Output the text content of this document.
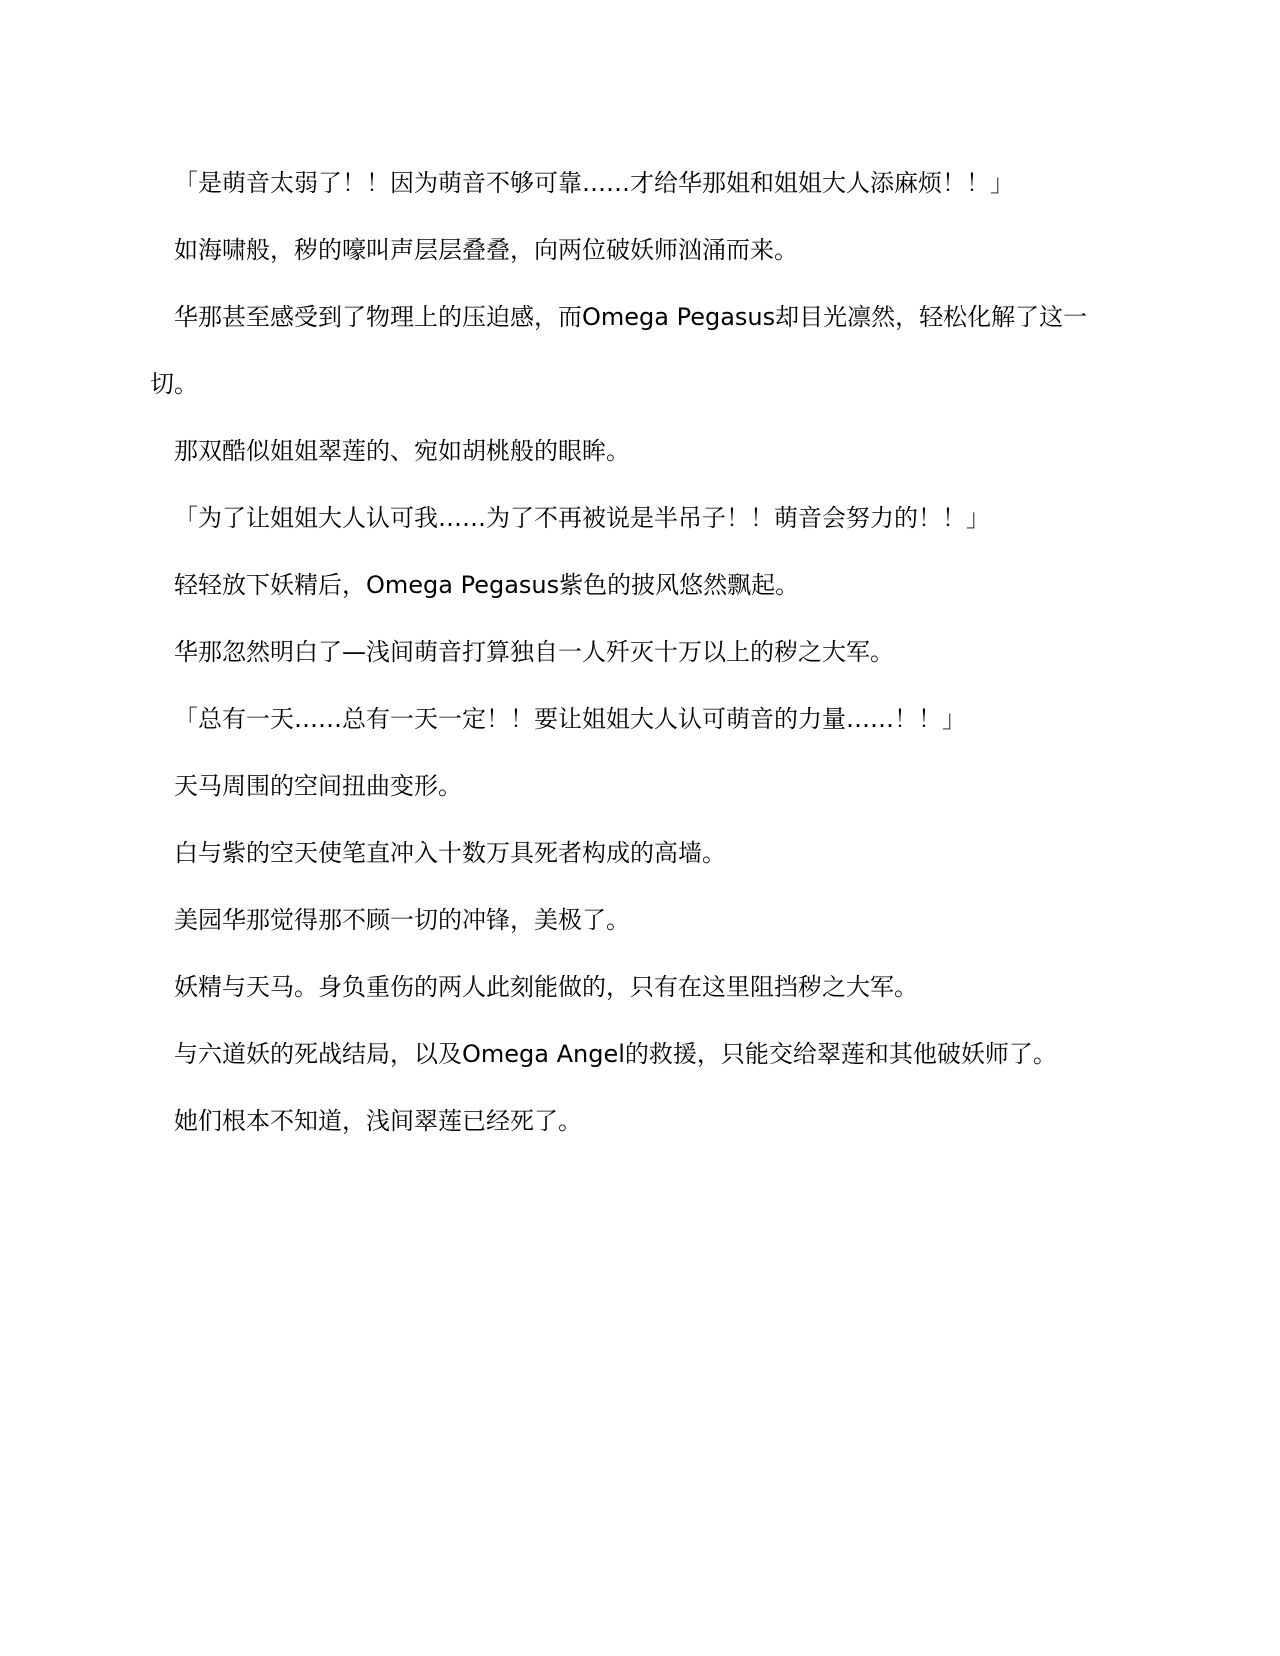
「是萌音太弱了！！因为萌音不够可靠……才给华那姐和姐姐大人添麻烦！！」

如海啸般，秽的嚎叫声层层叠叠，向两位破妖师汹涌而来。

华那甚至感受到了物理上的压迫感，而Omega Pegasus却目光凛然，轻松化解了这一切。

那双酷似姐姐翠莲的、宛如胡桃般的眼眸。

「为了让姐姐大人认可我……为了不再被说是半吊子！！萌音会努力的！！」

轻轻放下妖精后，Omega Pegasus紫色的披风悠然飘起。

华那忽然明白了—浅间萌音打算独自一人歼灭十万以上的秽之大军。

「总有一天……总有一天一定！！要让姐姐大人认可萌音的力量……！！」

天马周围的空间扭曲变形。

白与紫的空天使笔直冲入十数万具死者构成的高墙。

美园华那觉得那不顾一切的冲锋，美极了。

妖精与天马。身负重伤的两人此刻能做的，只有在这里阻挡秽之大军。

与六道妖的死战结局，以及Omega Angel的救援，只能交给翠莲和其他破妖师了。

她们根本不知道，浅间翠莲已经死了。
